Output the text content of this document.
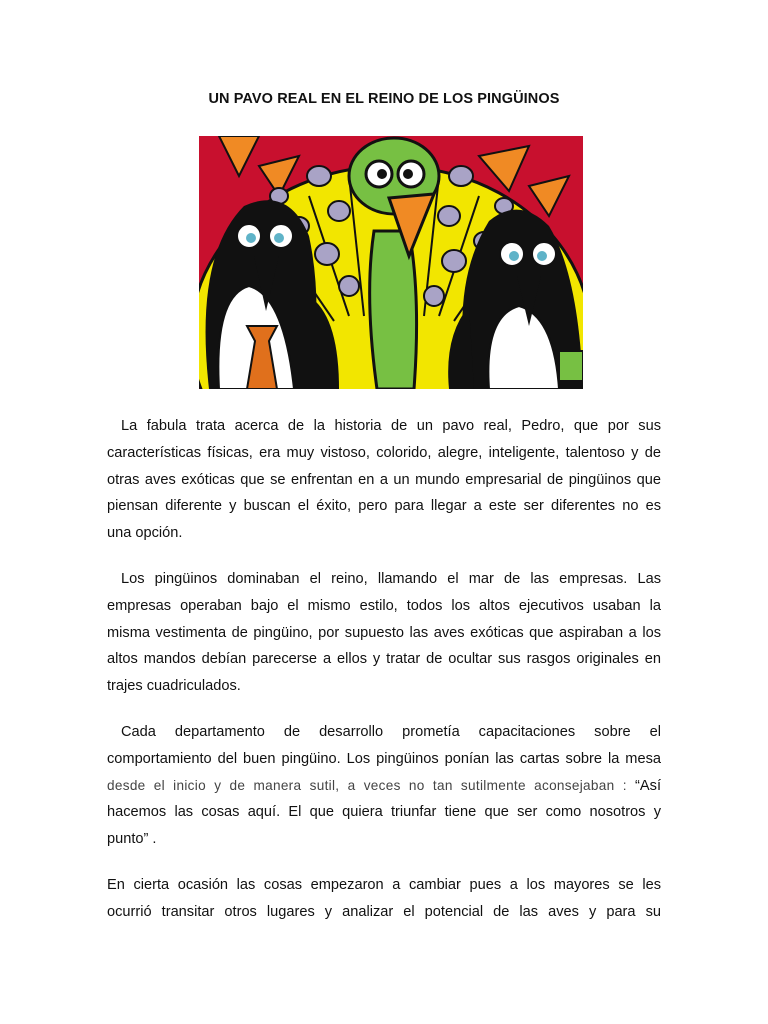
UN PAVO REAL EN EL REINO DE LOS PINGÜINOS

La fabula trata acerca de la historia de un pavo real, Pedro, que por sus
características físicas, era muy vistoso, colorido, alegre, inteligente, talentoso y de
otras aves exóticas que se enfrentan en a un mundo empresarial de pingüinos que
piensan diferente y buscan el éxito, pero para llegar a este ser diferentes no es
una opción.

Los pingüinos dominaban el reino, llamando el mar de las empresas. Las
empresas operaban bajo el mismo estilo, todos los altos ejecutivos usaban la
misma vestimenta de pingüino, por supuesto las aves exóticas que aspiraban a los
altos mandos debían parecerse a ellos y tratar de ocultar sus rasgos originales en
trajes cuadriculados.

Cada departamento de desarrollo prometía capacitaciones sobre el
comportamiento del buen pingüino. Los pingüinos ponían las cartas sobre la mesa
desde el inicio y de manera sutil, a veces no tan sutilmente aconsejaban : “Así
hacemos las cosas aquí. El que quiera triunfar tiene que ser como nosotros y
punto” .

En cierta ocasión las cosas empezaron a cambiar pues a los mayores se les
ocurrió transitar otros lugares y analizar el potencial de las aves y para su
